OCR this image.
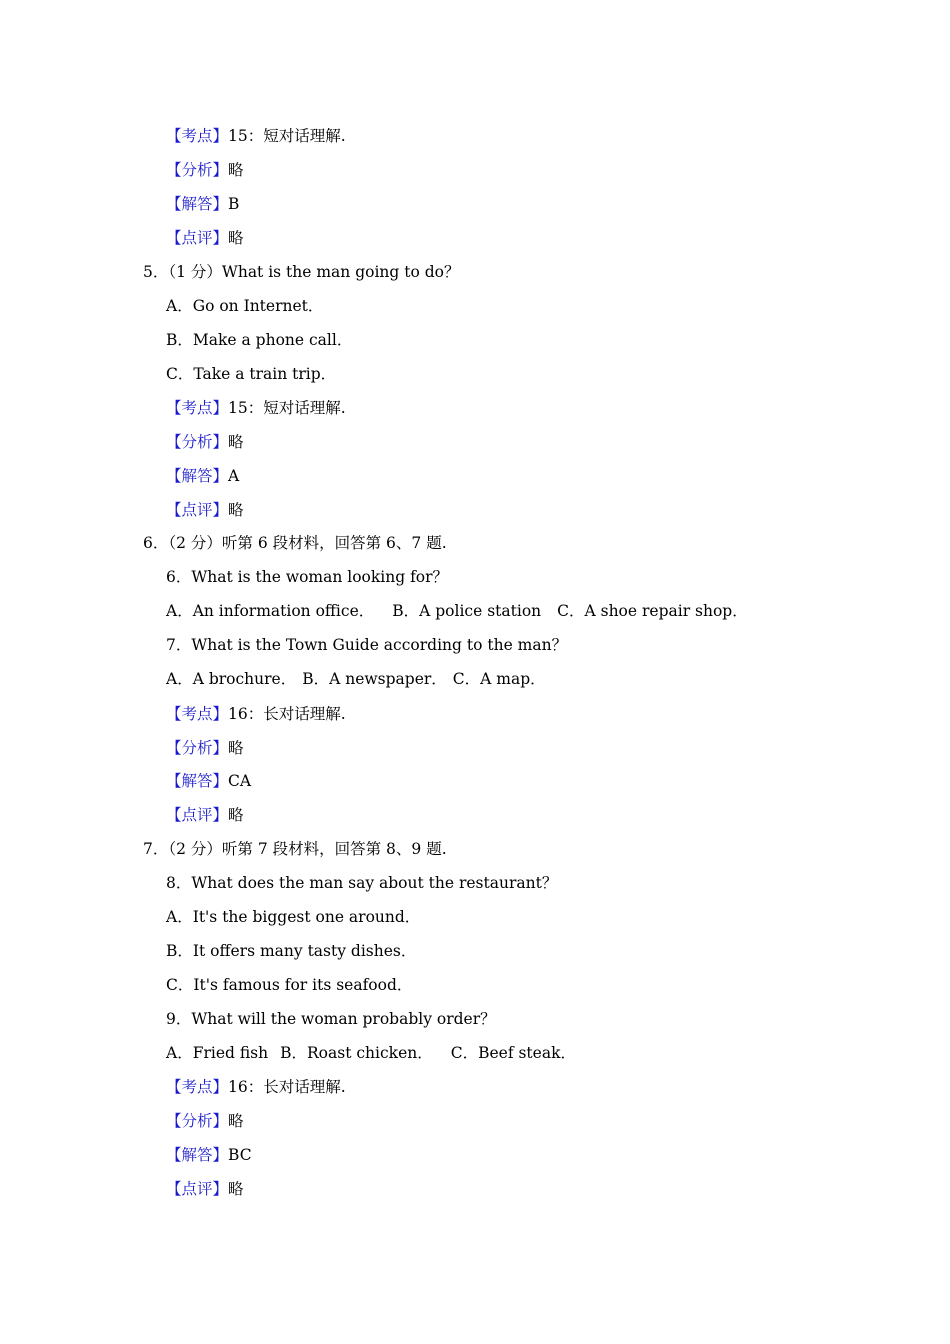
【考点】15：短对话理解.
【分析】略
【解答】B
【点评】略
5．（1 分）What is the man going to do？
A．Go on Internet．
B．Make a phone call．
C．Take a train trip．
【考点】15：短对话理解.
【分析】略
【解答】A
【点评】略
6．（2 分）听第 6 段材料，回答第 6、7 题.
6．What is the woman looking for？
A．An information office． B．A police station C．A shoe repair shop．
7．What is the Town Guide according to the man？
A．A brochure． B．A newspaper． C．A map．
【考点】16：长对话理解.
【分析】略
【解答】CA
【点评】略
7．（2 分）听第 7 段材料，回答第 8、9 题.
8．What does the man say about the restaurant？
A．It's the biggest one around．
B．It offers many tasty dishes．
C．It's famous for its seafood．
9．What will the woman probably order？
A．Fried fish B．Roast chicken． C．Beef steak．
【考点】16：长对话理解.
【分析】略
【解答】BC
【点评】略
